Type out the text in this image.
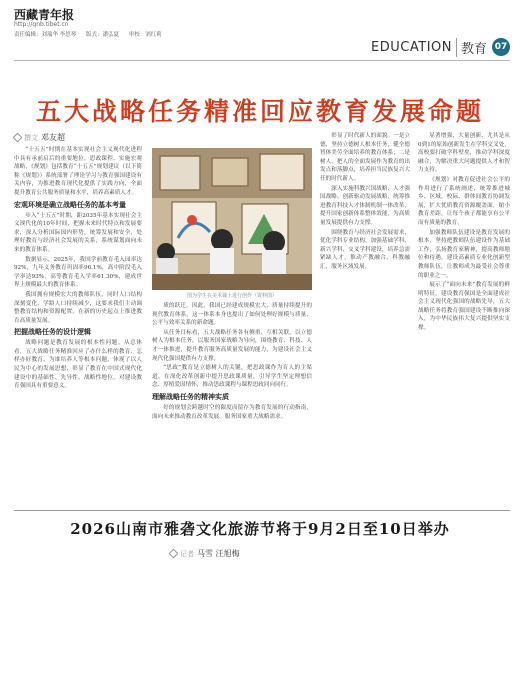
西藏青年报
http://qnb.tibet.cn
责任编辑：刘瑞华 李思琴 版式：潘弘夏 审校：刘红莉
EDUCATION 教育 07
五大战略任务精准回应教育发展命题
撰文 邓友超

“十五五”时期在基本实现社会主义现代化进程中具有承前启后的重要地位。思政课程、实施宏观战略，《规划》包括教育“十五五”规划建议（以下简称《规划》）系统部署了理论学习与教育强国建设有关内容，为推进教育现代化提供了实践方向，全面提升教育公共服务质量和水平，培养高素质人才。

宏观环境是确立战略任务的基本考量

步入“十五五”时期，距2035年基本实现社会主义现代化的10年时间，把握未来时代特点和发展要求，深入分析国际国内形势，统筹发展和安全，处理好教育与经济社会发展的关系，系统谋划面向未来的教育体系。

数据显示，2025年，我国学前教育毛入园率达92%，九年义务教育巩固率96.1%，高中阶段毛入学率达93%，高等教育毛入学率61.30%，建成世界上规模最大的教育体系。

我国拥有规模宏大的教师队伍，同时人口结构深刻变化，学龄人口持续减少，这要求我们主动调整教育结构和资源配置，在新的历史起点上推进教育高质量发展。

把握战略任务的设计逻辑

战略问题是教育发展的根本性问题。从总体看，五大战略任务精准回应了办什么样的教育、怎样办好教育、为谁培养人等根本问题，体现了以人民为中心的发展思想，彰显了教育在中国式现代化建设中的基础性、先导性、战略性地位，对建设教育强国具有重要意义。

图为学生在美术课上进行创作（资料图）

质的跃迁。因此，我国已经建成规模宏大、质量持续提升的现代教育体系，这一体系本身也提出了如何处理好规模与质量、公平与效率关系的新命题。

从任务目标看，五大战略任务各有侧重、互相关联，以立德树人为根本任务，以服务国家战略为导向，围绕教育、科技、人才一体推进，提升教育服务高质量发展的能力，为建设社会主义现代化强国提供有力支撑。

“思政”教育是立德树人的关键，把思政课作为育人的主渠道，在深化改革创新中提升思政课质量，引导学生坚定理想信念、厚植爱国情怀，推动思政课程与课程思政同向同行。

理解战略任务的精神实质

好的规划会跨越时空的限度而留存为教育发展的行动指南，面向未来推动教育改革发展，服务国家重大战略需求。

彰显了时代新人的面貌。一是立德，坚持立德树人根本任务，健全德智体美劳全面培养的教育体系；二是树人，把人的全面发展作为教育的出发点和落脚点，培养担当民族复兴大任的时代新人。

深入实施科教兴国战略、人才强国战略、创新驱动发展战略，统筹推进教育科技人才体制机制一体改革，提升国家创新体系整体效能，为高质量发展提供有力支撑。

围绕教育与经济社会发展需求，优化学科专业结构，加强基础学科、新兴学科、交叉学科建设，培养急需紧缺人才，推动产教融合、科教融汇，服务区域发展。

显著增强，大量创新、尤其是从0到1的原始创新发生在学科交叉处，高校要打破学科壁垒，推动学科深度融合，为解决重大问题提供人才和智力支持。

《规划》对教育促进社会公平的作用进行了系统阐述，统筹推进城乡、区域、校际、群体间教育协调发展，扩大优质教育资源覆盖面，缩小教育差距，让每个孩子都能享有公平而有质量的教育。

加强教师队伍建设是教育发展的根本，坚持把教师队伍建设作为基础工作，弘扬教育家精神，提高教师地位和待遇，建设高素质专业化创新型教师队伍，让教师成为最受社会尊重的职业之一。

展示了“面向未来”教育发展的鲜明特征。建设教育强国是全面建成社会主义现代化强国的战略先导，五大战略任务将教育强国建设不断推向深入，为中华民族伟大复兴提供坚实支撑。

2026山南市雅砻文化旅游节将于9月2日至10日举办
记者 马雪 汪旭梅
